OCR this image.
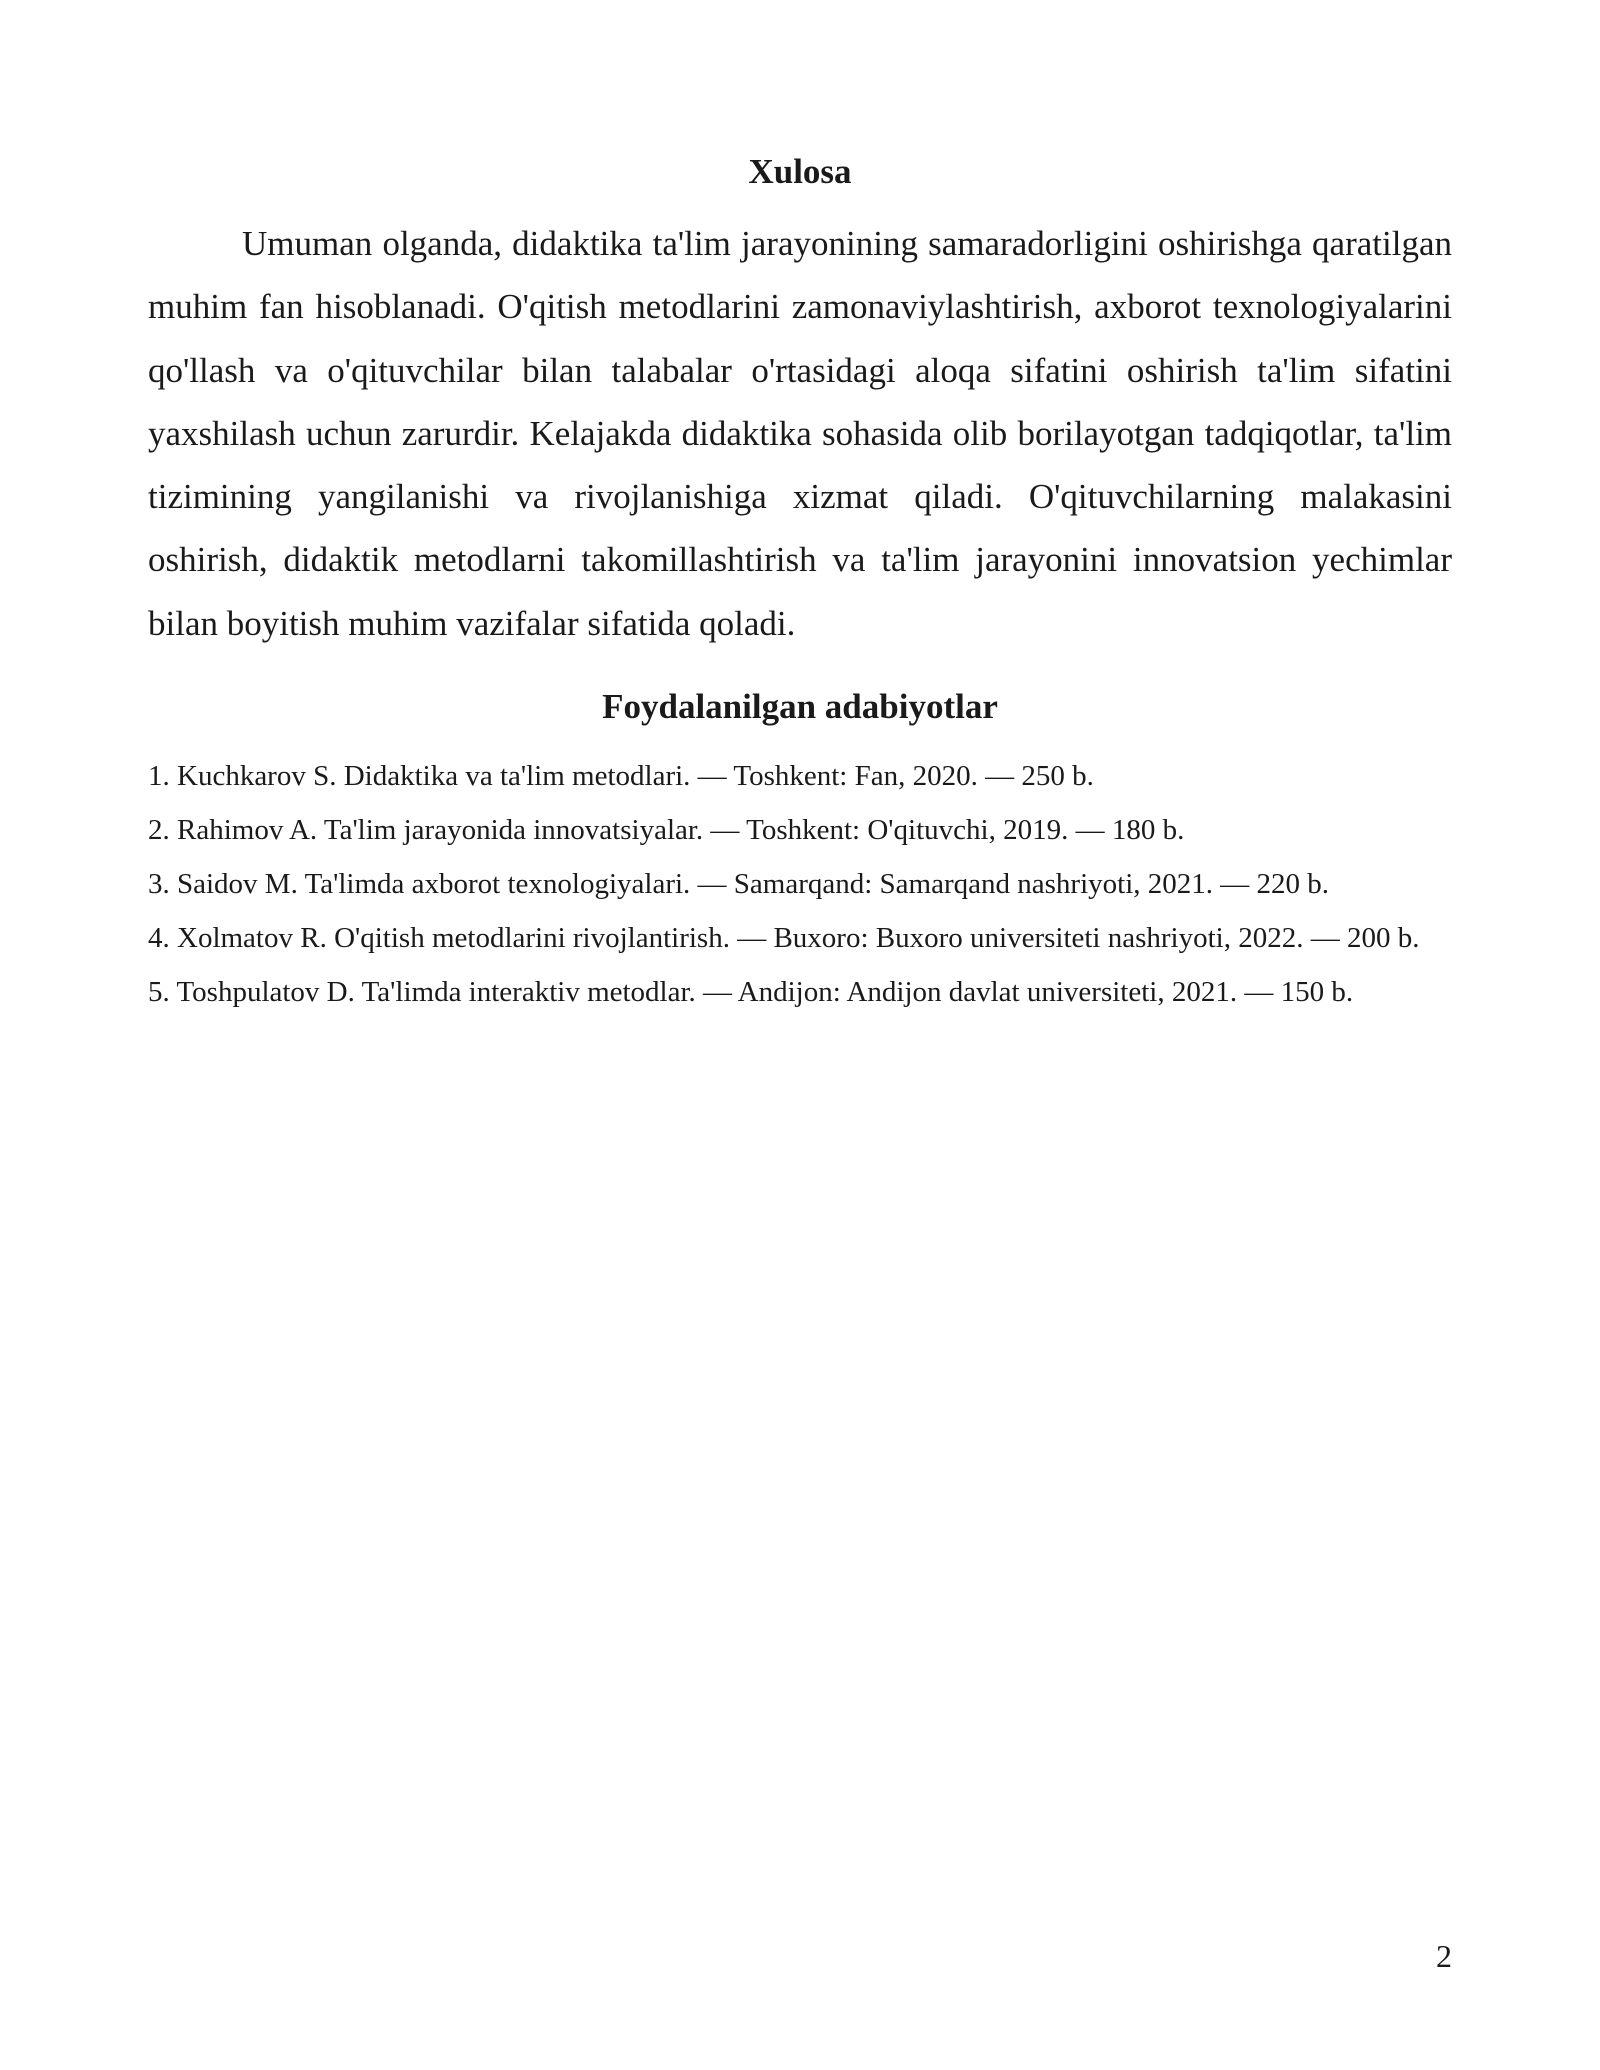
Xulosa

Umuman olganda, didaktika ta'lim jarayonining samaradorligini oshirishga qaratilgan muhim fan hisoblanadi. O'qitish metodlarini zamonaviylashtirish, axborot texnologiyalarini qo'llash va o'qituvchilar bilan talabalar o'rtasidagi aloqa sifatini oshirish ta'lim sifatini yaxshilash uchun zarurdir. Kelajakda didaktika sohasida olib borilayotgan tadqiqotlar, ta'lim tizimining yangilanishi va rivojlanishiga xizmat qiladi. O'qituvchilarning malakasini oshirish, didaktik metodlarni takomillashtirish va ta'lim jarayonini innovatsion yechimlar bilan boyitish muhim vazifalar sifatida qoladi.

Foydalanilgan adabiyotlar
1. Kuchkarov S. Didaktika va ta'lim metodlari. — Toshkent: Fan, 2020. — 250 b.
2. Rahimov A. Ta'lim jarayonida innovatsiyalar. — Toshkent: O'qituvchi, 2019. — 180 b.
3. Saidov M. Ta'limda axborot texnologiyalari. — Samarqand: Samarqand nashriyoti, 2021. — 220 b.
4. Xolmatov R. O'qitish metodlarini rivojlantirish. — Buxoro: Buxoro universiteti nashriyoti, 2022. — 200 b.
5. Toshpulatov D. Ta'limda interaktiv metodlar. — Andijon: Andijon davlat universiteti, 2021. — 150 b.
2
